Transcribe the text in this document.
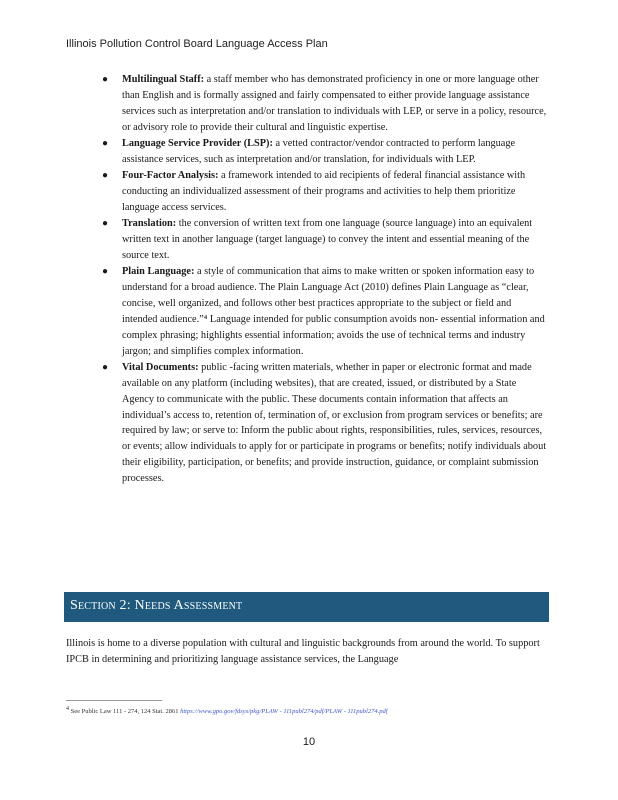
Illinois Pollution Control Board Language Access Plan
● Multilingual Staff: a staff member who has demonstrated proficiency in one or more language other than English and is formally assigned and fairly compensated to either provide language assistance services such as interpretation and/or translation to individuals with LEP, or serve in a policy, resource, or advisory role to provide their cultural and linguistic expertise.
● Language Service Provider (LSP): a vetted contractor/vendor contracted to perform language assistance services, such as interpretation and/or translation, for individuals with LEP.
● Four-Factor Analysis: a framework intended to aid recipients of federal financial assistance with conducting an individualized assessment of their programs and activities to help them prioritize language access services.
● Translation: the conversion of written text from one language (source language) into an equivalent written text in another language (target language) to convey the intent and essential meaning of the source text.
● Plain Language: a style of communication that aims to make written or spoken information easy to understand for a broad audience. The Plain Language Act (2010) defines Plain Language as “clear, concise, well organized, and follows other best practices appropriate to the subject or field and intended audience.”⁴ Language intended for public consumption avoids non- essential information and complex phrasing; highlights essential information; avoids the use of technical terms and industry jargon; and simplifies complex information.
● Vital Documents: public -facing written materials, whether in paper or electronic format and made available on any platform (including websites), that are created, issued, or distributed by a State Agency to communicate with the public. These documents contain information that affects an individual’s access to, retention of, termination of, or exclusion from program services or benefits; are required by law; or serve to: Inform the public about rights, responsibilities, rules, services, resources, or events; allow individuals to apply for or participate in programs or benefits; notify individuals about their eligibility, participation, or benefits; and provide instruction, guidance, or complaint submission processes.
Section 2: Needs Assessment

Illinois is home to a diverse population with cultural and linguistic backgrounds from around the world. To support IPCB in determining and prioritizing language assistance services, the Language

4 See Public Law 111 - 274, 124 Stat. 2861 https://www.gpo.gov/fdsys/pkg/PLAW - 111publ274/pdf/PLAW - 111publ274.pdf
10
